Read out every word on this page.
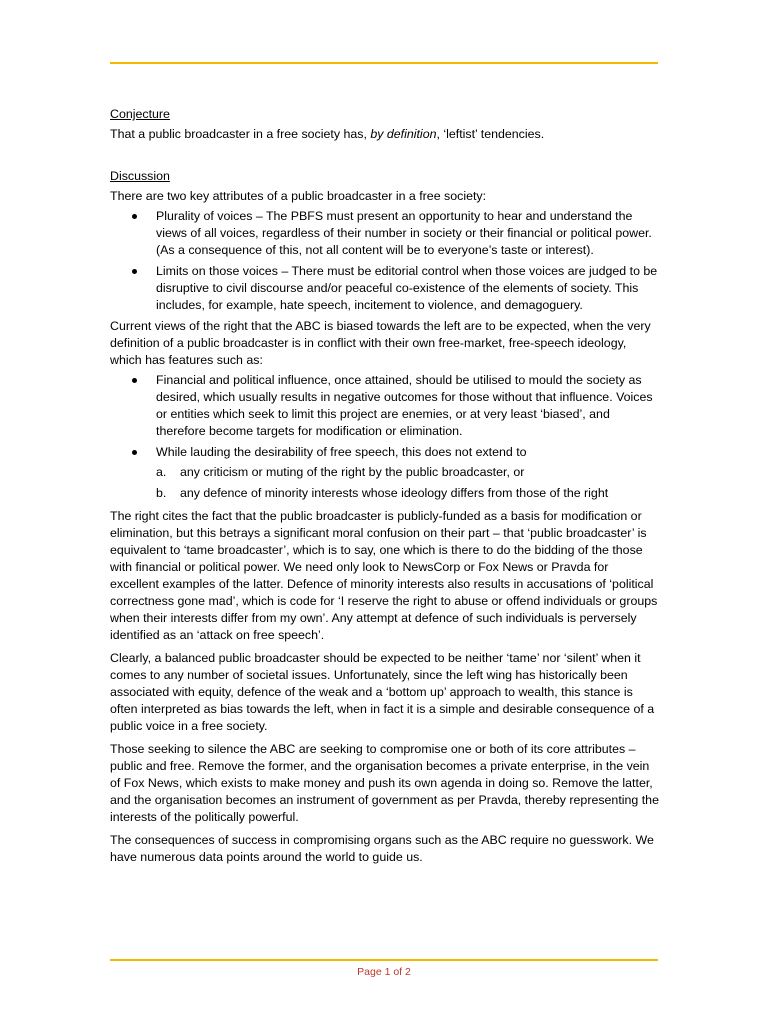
Conjecture

That a public broadcaster in a free society has, by definition, ‘leftist’ tendencies.

Discussion

There are two key attributes of a public broadcaster in a free society:

Plurality of voices – The PBFS must present an opportunity to hear and understand the views of all voices, regardless of their number in society or their financial or political power. (As a consequence of this, not all content will be to everyone’s taste or interest).
Limits on those voices – There must be editorial control when those voices are judged to be disruptive to civil discourse and/or peaceful co-existence of the elements of society. This includes, for example, hate speech, incitement to violence, and demagoguery.

Current views of the right that the ABC is biased towards the left are to be expected, when the very definition of a public broadcaster is in conflict with their own free-market, free-speech ideology, which has features such as:

Financial and political influence, once attained, should be utilised to mould the society as desired, which usually results in negative outcomes for those without that influence. Voices or entities which seek to limit this project are enemies, or at very least ‘biased’, and therefore become targets for modification or elimination.
While lauding the desirability of free speech, this does not extend to
a. any criticism or muting of the right by the public broadcaster, or
b. any defence of minority interests whose ideology differs from those of the right

The right cites the fact that the public broadcaster is publicly-funded as a basis for modification or elimination, but this betrays a significant moral confusion on their part – that ‘public broadcaster’ is equivalent to ‘tame broadcaster’, which is to say, one which is there to do the bidding of the those with financial or political power. We need only look to NewsCorp or Fox News or Pravda for excellent examples of the latter. Defence of minority interests also results in accusations of ‘political correctness gone mad’, which is code for ‘I reserve the right to abuse or offend individuals or groups when their interests differ from my own’. Any attempt at defence of such individuals is perversely identified as an ‘attack on free speech’.

Clearly, a balanced public broadcaster should be expected to be neither ‘tame’ nor ‘silent’ when it comes to any number of societal issues. Unfortunately, since the left wing has historically been associated with equity, defence of the weak and a ‘bottom up’ approach to wealth, this stance is often interpreted as bias towards the left, when in fact it is a simple and desirable consequence of a public voice in a free society.

Those seeking to silence the ABC are seeking to compromise one or both of its core attributes – public and free. Remove the former, and the organisation becomes a private enterprise, in the vein of Fox News, which exists to make money and push its own agenda in doing so. Remove the latter, and the organisation becomes an instrument of government as per Pravda, thereby representing the interests of the politically powerful.

The consequences of success in compromising organs such as the ABC require no guesswork. We have numerous data points around the world to guide us.

Page 1 of 2
